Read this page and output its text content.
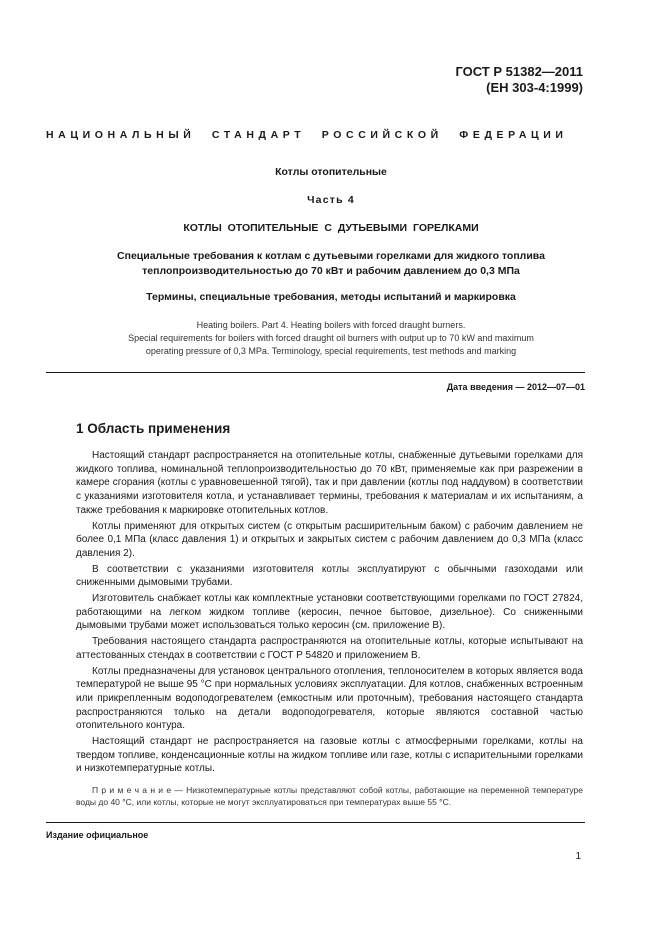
ГОСТ Р 51382—2011
(ЕН 303-4:1999)
НАЦИОНАЛЬНЫЙ СТАНДАРТ РОССИЙСКОЙ ФЕДЕРАЦИИ
Котлы отопительные
Часть 4
КОТЛЫ ОТОПИТЕЛЬНЫЕ С ДУТЬЕВЫМИ ГОРЕЛКАМИ
Специальные требования к котлам с дутьевыми горелками для жидкого топлива
теплопроизводительностью до 70 кВт и рабочим давлением до 0,3 МПа
Термины, специальные требования, методы испытаний и маркировка
Heating boilers. Part 4. Heating boilers with forced draught burners.
Special requirements for boilers with forced draught oil burners with output up to 70 kW and maximum
operating pressure of 0,3 MPa. Terminology, special requirements, test methods and marking
Дата введения — 2012—07—01
1 Область применения

Настоящий стандарт распространяется на отопительные котлы, снабженные дутьевыми горелками для жидкого топлива, номинальной теплопроизводительностью до 70 кВт, применяемые как при разрежении в камере сгорания (котлы с уравновешенной тягой), так и при давлении (котлы под наддувом) в соответствии с указаниями изготовителя котла, и устанавливает термины, требования к материалам и их испытаниям, а также требования к маркировке отопительных котлов.

Котлы применяют для открытых систем (с открытым расширительным баком) с рабочим давлением не более 0,1 МПа (класс давления 1) и открытых и закрытых систем с рабочим давлением до 0,3 МПа (класс давления 2).

В соответствии с указаниями изготовителя котлы эксплуатируют с обычными газоходами или сниженными дымовыми трубами.

Изготовитель снабжает котлы как комплектные установки соответствующими горелками по ГОСТ 27824, работающими на легком жидком топливе (керосин, печное бытовое, дизельное). Со сниженными дымовыми трубами может использоваться только керосин (см. приложение В).

Требования настоящего стандарта распространяются на отопительные котлы, которые испытывают на аттестованных стендах в соответствии с ГОСТ Р 54820 и приложением В.

Котлы предназначены для установок центрального отопления, теплоносителем в которых является вода температурой не выше 95 °С при нормальных условиях эксплуатации. Для котлов, снабженных встроенным или прикрепленным водоподогревателем (емкостным или проточным), требования настоящего стандарта распространяются только на детали водоподогревателя, которые являются составной частью отопительного контура.

Настоящий стандарт не распространяется на газовые котлы с атмосферными горелками, котлы на твердом топливе, конденсационные котлы на жидком топливе или газе, котлы с испарительными горелками и низкотемпературные котлы.

П р и м е ч а н и е — Низкотемпературные котлы представляют собой котлы, работающие на переменной температуре воды до 40 °С, или котлы, которые не могут эксплуатироваться при температурах выше 55 °С.

Издание официальное
1
